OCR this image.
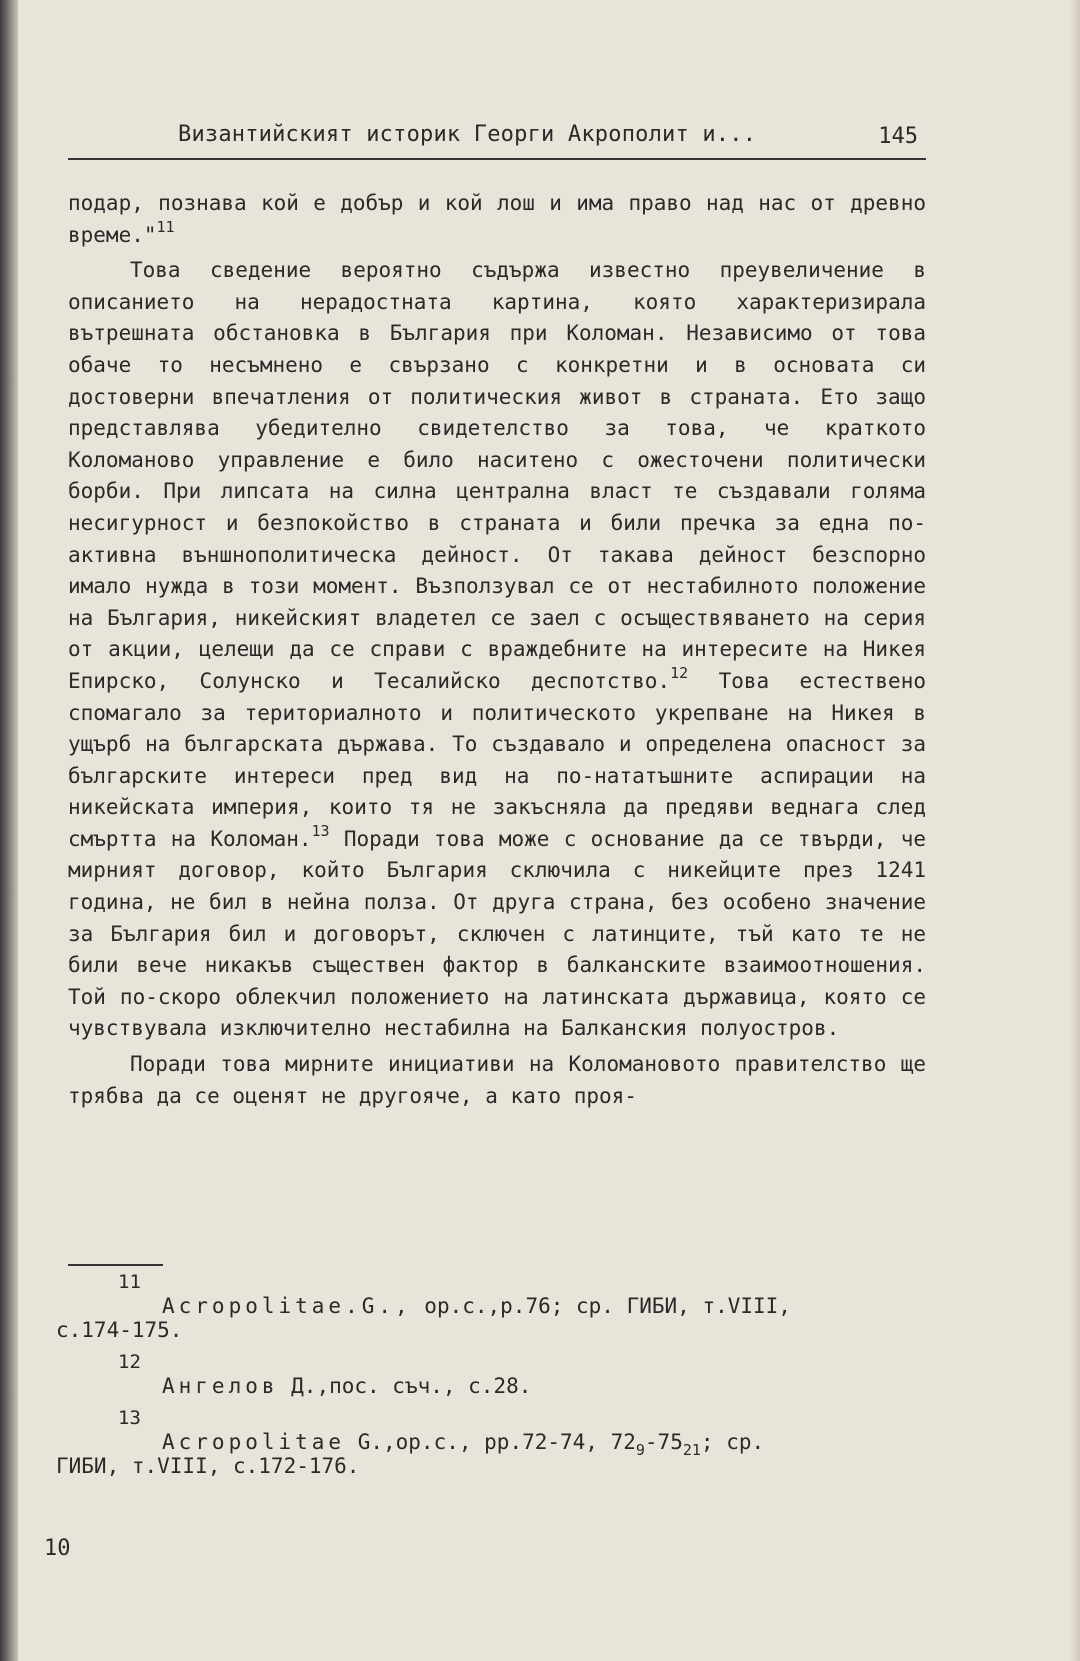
Византийският историк Георги Акрополит и...	145

подар, познава кой е добър и кой лош и има право над нас от древно време."$^{11}$

Това сведение вероятно съдържа известно преувеличение в описанието на нерадостната картина, която характеризирала вътрешната обстановка в България при Коломан. Независимо от това обаче то несъмнено е свързано с конкретни и в основата си достоверни впечатления от политическия живот в страната. Ето защо представлява убедително свидетелство за това, че краткото Коломаново управление е било наситено с ожесточени политически борби. При липсата на силна централна власт те създавали голяма несигурност и безпокойство в страната и били пречка за една по-активна външнополитическа дейност. От такава дейност безспорно имало нужда в този момент. Възползувал се от нестабилното положение на България, никейският владетел се заел с осъществяването на серия от акции, целещи да се справи с враждебните на интересите на Никея Епирско, Солунско и Тесалийско деспотство.$^{12}$ Това естествено спомагало за териториалното и политическото укрепване на Никея в ущърб на българската държава. То създавало и определена опасност за българските интереси пред вид на по-нататъшните аспирации на никейската империя, които тя не закъсняла да предяви веднага след смъртта на Коломан.$^{13}$ Поради това може с основание да се твърди, че мирният договор, който България сключила с никейците през 1241 година, не бил в нейна полза. От друга страна, без особено значение за България бил и договорът, сключен с латинците, тъй като те не били вече никакъв съществен фактор в балканските взаимоотношения. Той по-скоро облекчил положението на латинската държавица, която се чувствувала изключително нестабилна на Балканския полуостров.

Поради това мирните инициативи на Коломановото правителство ще трябва да се оценят не другояче, а като проя-

11
Acropolitae.G., op.c.,p.76; ср. ГИБИ, т.VIII,
с.174-175.
12
Ангелов Д.,пос. съч., с.28.
13
Acropolitae G.,op.c., pp.72-74, $72_9-75_{21}$; ср.
ГИБИ, т.VIII, с.172-176.
10
